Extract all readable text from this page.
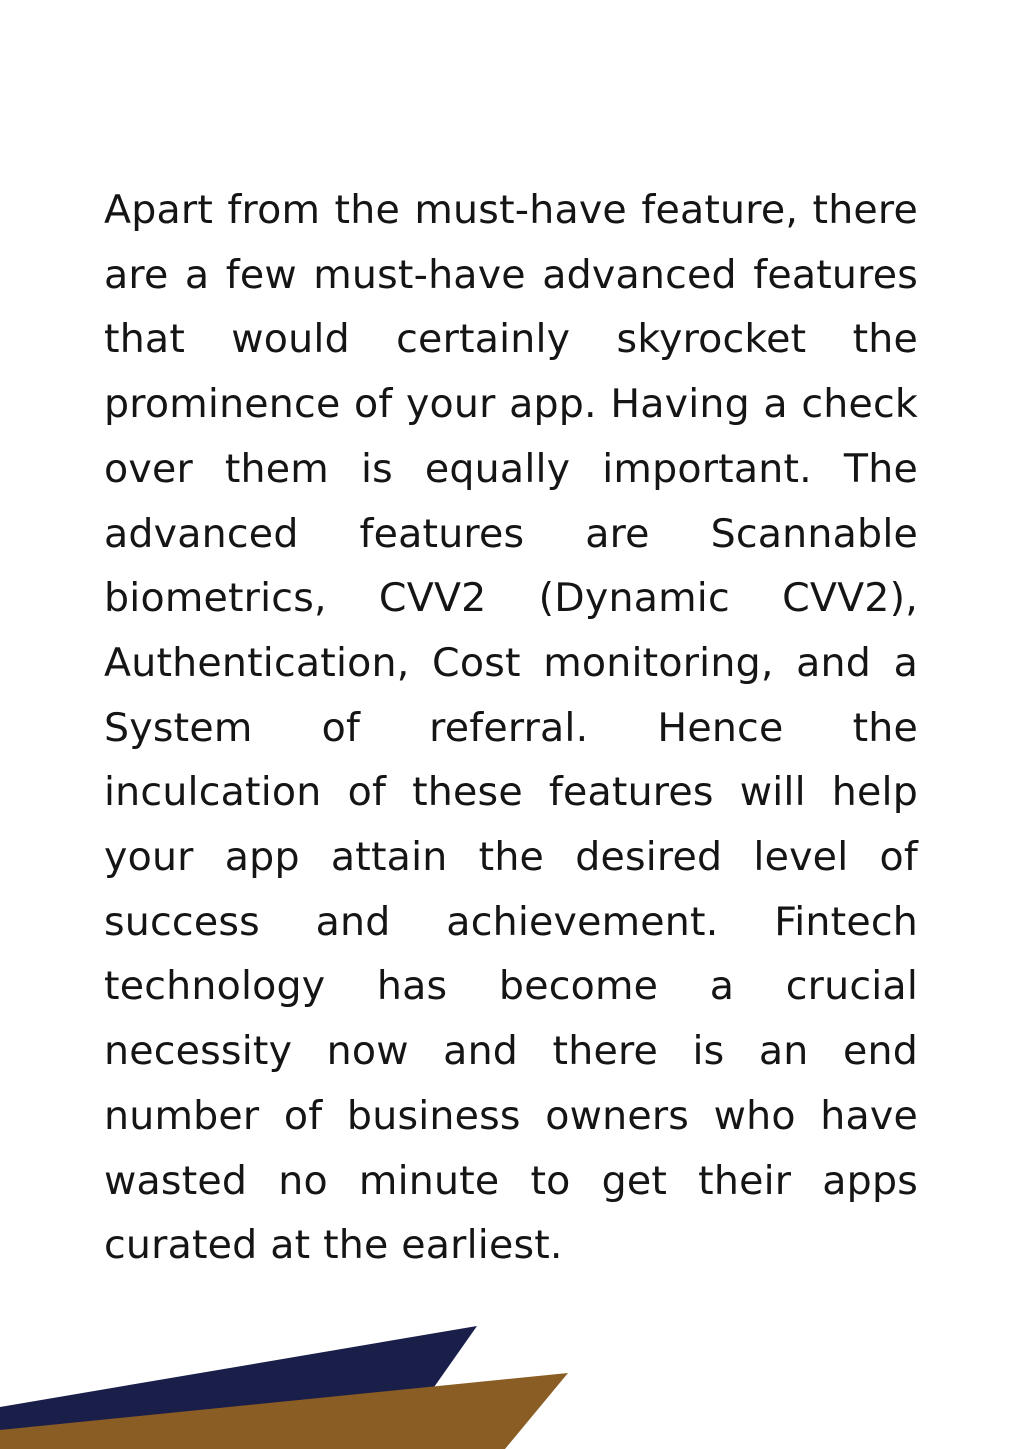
Apart from the must-have feature, there are a few must-have advanced features that would certainly skyrocket the prominence of your app. Having a check over them is equally important. The advanced features are Scannable biometrics, CVV2 (Dynamic CVV2), Authentication, Cost monitoring, and a System of referral. Hence the inculcation of these features will help your app attain the desired level of success and achievement. Fintech technology has become a crucial necessity now and there is an end number of business owners who have wasted no minute to get their apps curated at the earliest.
